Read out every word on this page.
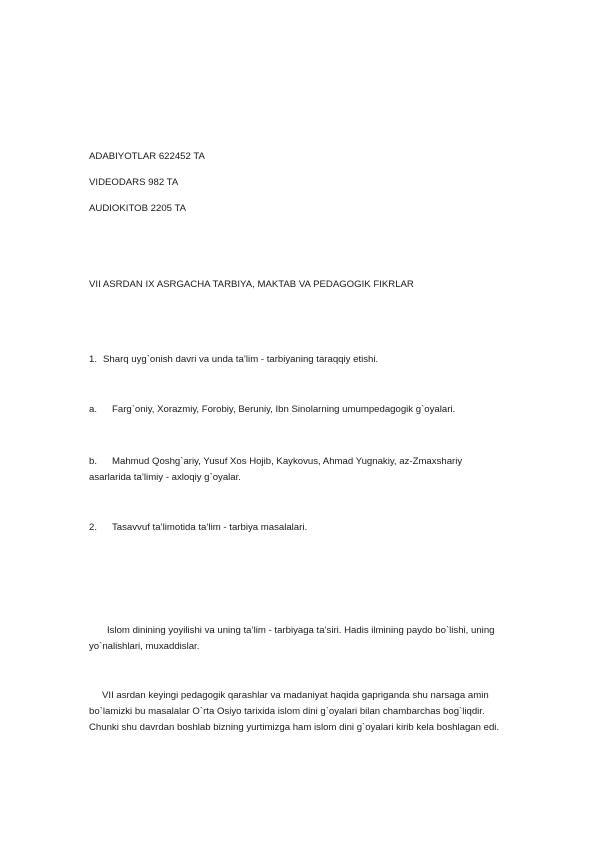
ADABIYOTLAR 622452 TA
VIDEODARS 982 TA
AUDIOKITOB 2205 TA
VII ASRDAN IX ASRGACHA TARBIYA, MAKTAB VA PEDAGOGIK FIKRLAR
1. Sharq uyg`onish davri va unda ta’lim - tarbiyaning taraqqiy etishi.
a. Farg`oniy, Xorazmiy, Forobiy, Beruniy, Ibn Sinolarning umumpedagogik g`oyalari.
b. Mahmud Qoshg`ariy, Yusuf Xos Hojib, Kaykovus, Ahmad Yugnakiy, az-Zmaxshariy asarlarida ta’limiy - axloqiy g`oyalar.
2. Tasavvuf ta’limotida ta’lim - tarbiya masalalari.
Islom dinining yoyilishi va uning ta’lim - tarbiyaga ta’siri. Hadis ilmining paydo bo`lishi, uning yo`nalishlari, muxaddislar.
VII asrdan keyingi pedagogik qarashlar va madaniyat haqida gapriganda shu narsaga amin bo`lamizki bu masalalar O`rta Osiyo tarixida islom dini g`oyalari bilan chambarchas bog`liqdir. Chunki shu davrdan boshlab bizning yurtimizga ham islom dini g`oyalari kirib kela boshlagan edi.
